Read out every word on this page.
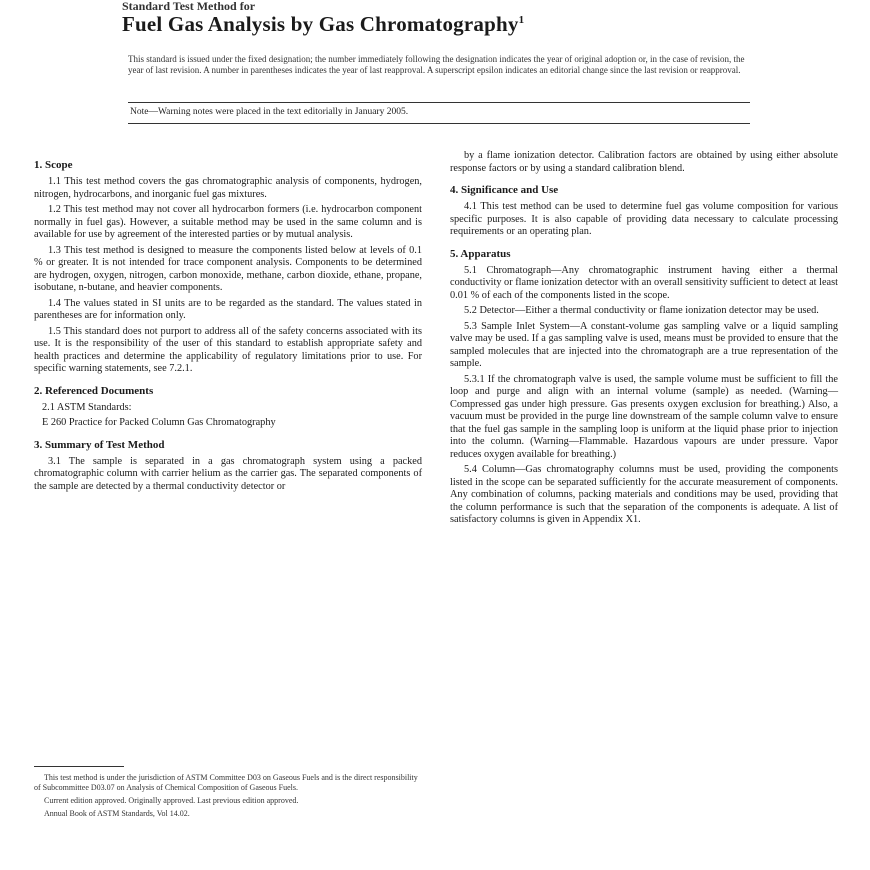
Standard Test Method for
Fuel Gas Analysis by Gas Chromatography$^1$
This standard is issued under the fixed designation; the number immediately following the designation indicates the year of original adoption or, in the case of revision, the year of last revision. A number in parentheses indicates the year of last reapproval. A superscript epsilon indicates an editorial change since the last revision or reapproval.
Note—Warning notes were placed in the text editorially in January 2005.
1. Scope

1.1 This test method covers the gas chromatographic analysis of components, hydrogen, nitrogen, hydrocarbons, and inorganic fuel gas mixtures.

1.2 This test method may not cover all hydrocarbon formers (i.e. hydrocarbon component normally in fuel gas). However, a suitable method may be used in the same column and is available for use by agreement of the interested parties or by mutual analysis.

1.3 This test method is designed to measure the components listed below at levels of 0.1 % or greater. It is not intended for trace component analysis. Components to be determined are hydrogen, oxygen, nitrogen, carbon monoxide, methane, carbon dioxide, ethane, propane, isobutane, n-butane, and heavier components.

1.4 The values stated in SI units are to be regarded as the standard. The values stated in parentheses are for information only.

1.5 This standard does not purport to address all of the safety concerns associated with its use. It is the responsibility of the user of this standard to establish appropriate safety and health practices and determine the applicability of regulatory limitations prior to use. For specific warning statements, see 7.2.1.

2. Referenced Documents

2.1 ASTM Standards:

E 260 Practice for Packed Column Gas Chromatography

3. Summary of Test Method

3.1 The sample is separated in a gas chromatograph system using a packed chromatographic column with carrier helium as the carrier gas. The separated components of the sample are detected by a thermal conductivity detector or

by a flame ionization detector. Calibration factors are obtained by using either absolute response factors or by using a standard calibration blend.

4. Significance and Use

4.1 This test method can be used to determine fuel gas volume composition for various specific purposes. It is also capable of providing data necessary to calculate processing requirements or an operating plan.

5. Apparatus

5.1 Chromatograph—Any chromatographic instrument having either a thermal conductivity or flame ionization detector with an overall sensitivity sufficient to detect at least 0.01 % of each of the components listed in the scope.

5.2 Detector—Either a thermal conductivity or flame ionization detector may be used.

5.3 Sample Inlet System—A constant-volume gas sampling valve or a liquid sampling valve may be used. If a gas sampling valve is used, means must be provided to ensure that the sampled molecules that are injected into the chromatograph are a true representation of the sample.

5.3.1 If the chromatograph valve is used, the sample volume must be sufficient to fill the loop and purge and align with an internal volume (sample) as needed. (Warning—Compressed gas under high pressure. Gas presents oxygen exclusion for breathing.) Also, a vacuum must be provided in the purge line downstream of the sample column valve to ensure that the fuel gas sample in the sampling loop is uniform at the liquid phase prior to injection into the column. (Warning—Flammable. Hazardous vapours are under pressure. Vapor reduces oxygen available for breathing.)

5.4 Column—Gas chromatography columns must be used, providing the components listed in the scope can be separated sufficiently for the accurate measurement of components. Any combination of columns, packing materials and conditions may be used, providing that the column performance is such that the separation of the components is adequate. A list of satisfactory columns is given in Appendix X1.

This test method is under the jurisdiction of ASTM Committee D03 on Gaseous Fuels and is the direct responsibility of Subcommittee D03.07 on Analysis of Chemical Composition of Gaseous Fuels.

Current edition approved. Originally approved. Last previous edition approved.

Annual Book of ASTM Standards, Vol 14.02.
